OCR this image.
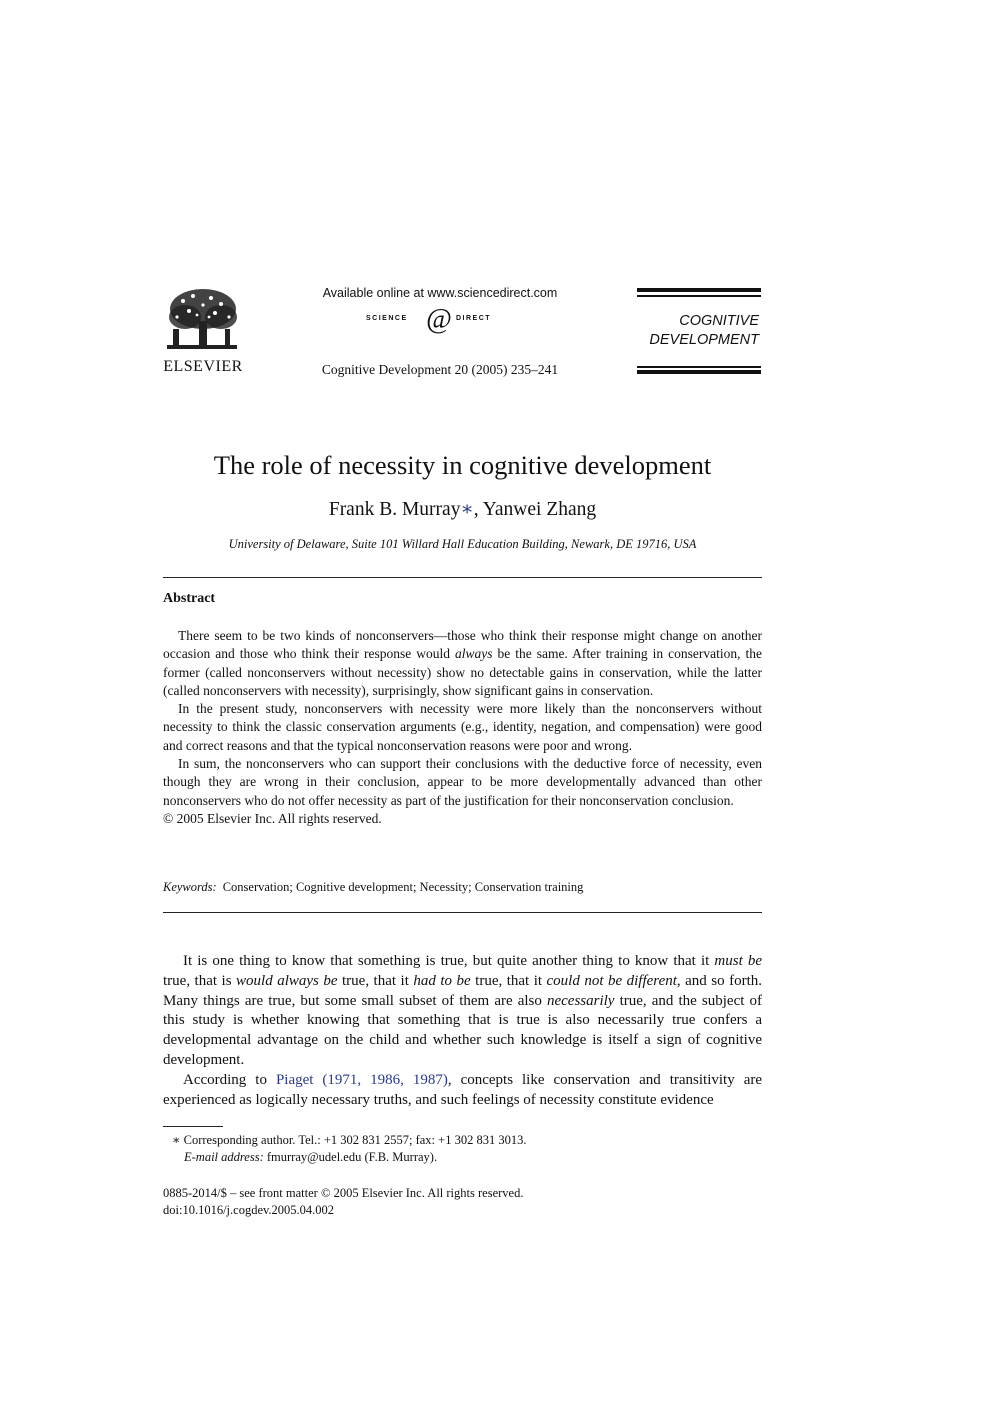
ELSEVIER
Available online at www.sciencedirect.com
SCIENCE @ DIRECT
Cognitive Development 20 (2005) 235–241
COGNITIVE
DEVELOPMENT
The role of necessity in cognitive development
Frank B. Murray∗, Yanwei Zhang
University of Delaware, Suite 101 Willard Hall Education Building, Newark, DE 19716, USA
Abstract

There seem to be two kinds of nonconservers—those who think their response might change on another occasion and those who think their response would always be the same. After training in conservation, the former (called nonconservers without necessity) show no detectable gains in conservation, while the latter (called nonconservers with necessity), surprisingly, show significant gains in conservation.

In the present study, nonconservers with necessity were more likely than the nonconservers without necessity to think the classic conservation arguments (e.g., identity, negation, and compensation) were good and correct reasons and that the typical nonconservation reasons were poor and wrong.

In sum, the nonconservers who can support their conclusions with the deductive force of necessity, even though they are wrong in their conclusion, appear to be more developmentally advanced than other nonconservers who do not offer necessity as part of the justification for their nonconservation conclusion.

© 2005 Elsevier Inc. All rights reserved.

Keywords: Conservation; Cognitive development; Necessity; Conservation training

It is one thing to know that something is true, but quite another thing to know that it must be true, that is would always be true, that it had to be true, that it could not be different, and so forth. Many things are true, but some small subset of them are also necessarily true, and the subject of this study is whether knowing that something that is true is also necessarily true confers a developmental advantage on the child and whether such knowledge is itself a sign of cognitive development.

According to Piaget (1971, 1986, 1987), concepts like conservation and transitivity are experienced as logically necessary truths, and such feelings of necessity constitute evidence

∗ Corresponding author. Tel.: +1 302 831 2557; fax: +1 302 831 3013.
E-mail address: fmurray@udel.edu (F.B. Murray).
0885-2014/$ – see front matter © 2005 Elsevier Inc. All rights reserved.
doi:10.1016/j.cogdev.2005.04.002
